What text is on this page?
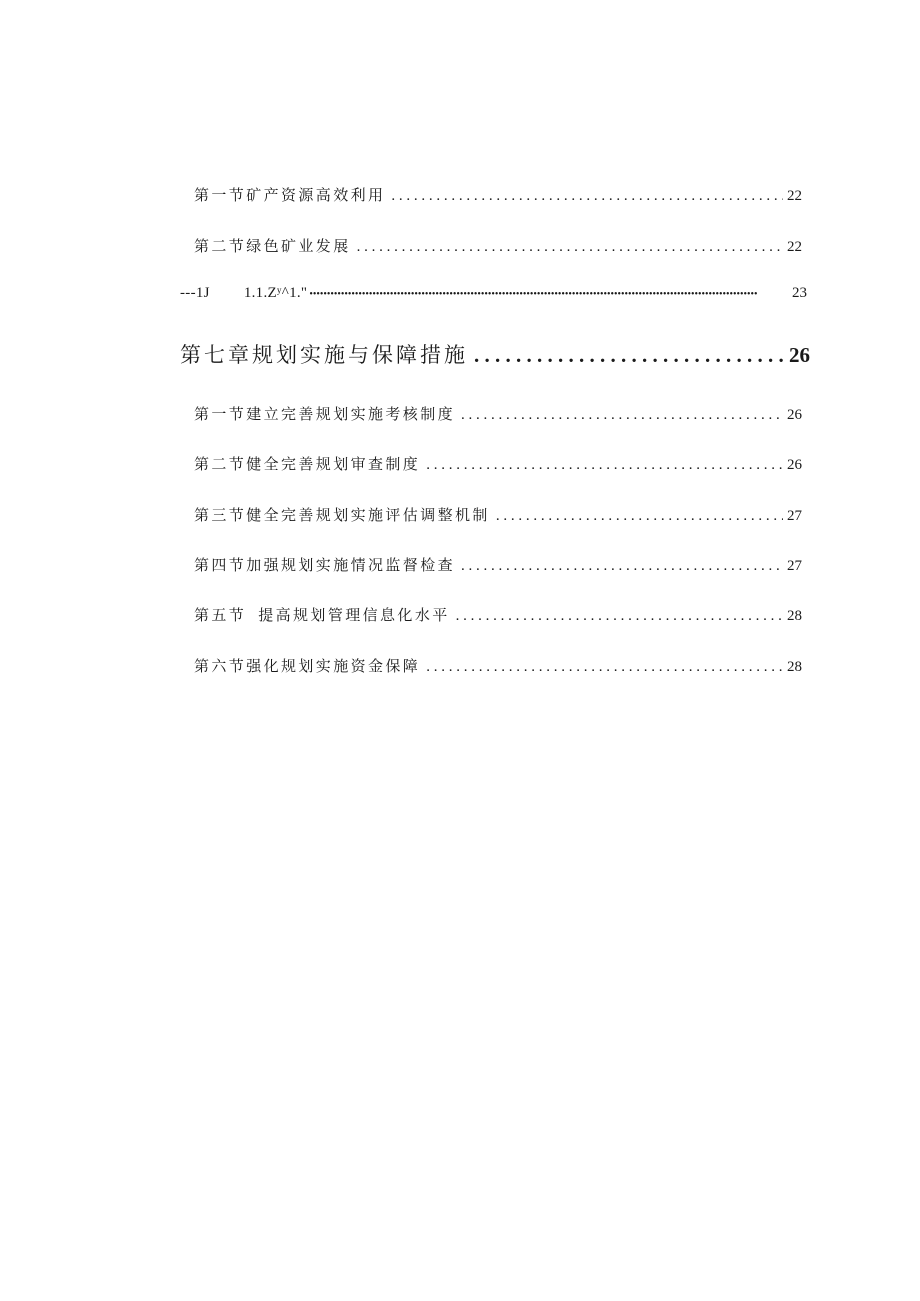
第一节矿产资源高效利用 . . .	22
第二节绿色矿业发展 . . .	22
---1J 1.1.Zʸ^1." •••••	23
第七章规划实施与保障措施 . . .	26
第一节建立完善规划实施考核制度 . . .	26
第二节健全完善规划审查制度 . . .	26
第三节健全完善规划实施评估调整机制 . . .	27
第四节加强规划实施情况监督检查 . . .	27
第五节 提高规划管理信息化水平 . . .	28
第六节强化规划实施资金保障 . . .	28
